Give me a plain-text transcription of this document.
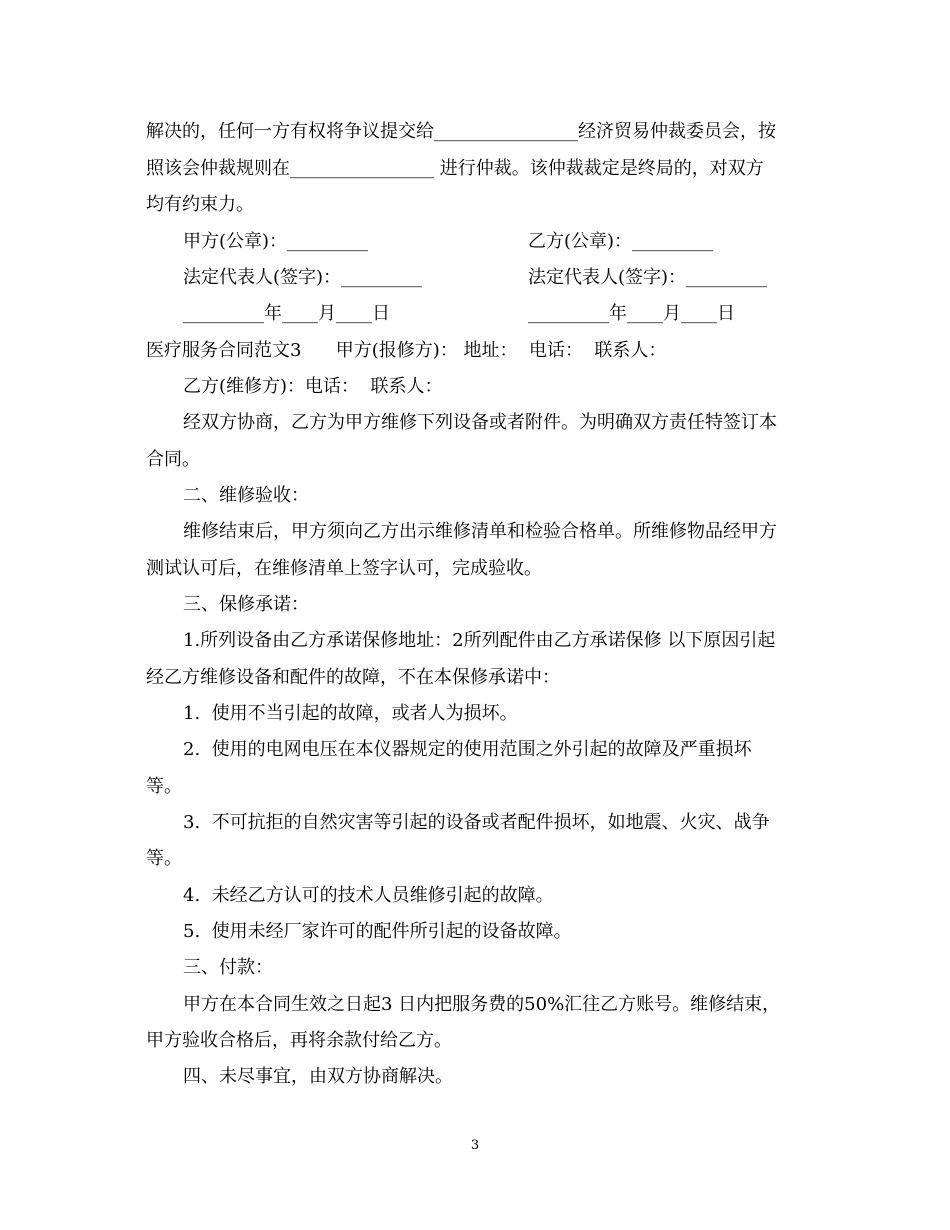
解决的，任何一方有权将争议提交给________________经济贸易仲裁委员会，按
照该会仲裁规则在________________ 进行仲裁。该仲裁裁定是终局的，对双方
均有约束力。
甲方(公章)：_________	乙方(公章)：_________
法定代表人(签字)：_________	法定代表人(签字)：_________
_________年____月____日	_________年____月____日
医疗服务合同范文3      甲方(报修方)： 地址：  电话：  联系人：
乙方(维修方)：电话：  联系人：
经双方协商，乙方为甲方维修下列设备或者附件。为明确双方责任特签订本
合同。
二、维修验收：
维修结束后，甲方须向乙方出示维修清单和检验合格单。所维修物品经甲方
测试认可后，在维修清单上签字认可，完成验收。
三、保修承诺：
1.所列设备由乙方承诺保修地址：2所列配件由乙方承诺保修 以下原因引起
经乙方维修设备和配件的故障，不在本保修承诺中：
1.  使用不当引起的故障，或者人为损坏。
2.  使用的电网电压在本仪器规定的使用范围之外引起的故障及严重损坏
等。
3.  不可抗拒的自然灾害等引起的设备或者配件损坏，如地震、火灾、战争
等。
4.  未经乙方认可的技术人员维修引起的故障。
5.  使用未经厂家许可的配件所引起的设备故障。
三、付款：
甲方在本合同生效之日起3 日内把服务费的50%汇往乙方账号。维修结束，
甲方验收合格后，再将余款付给乙方。
四、未尽事宜，由双方协商解决。
3
